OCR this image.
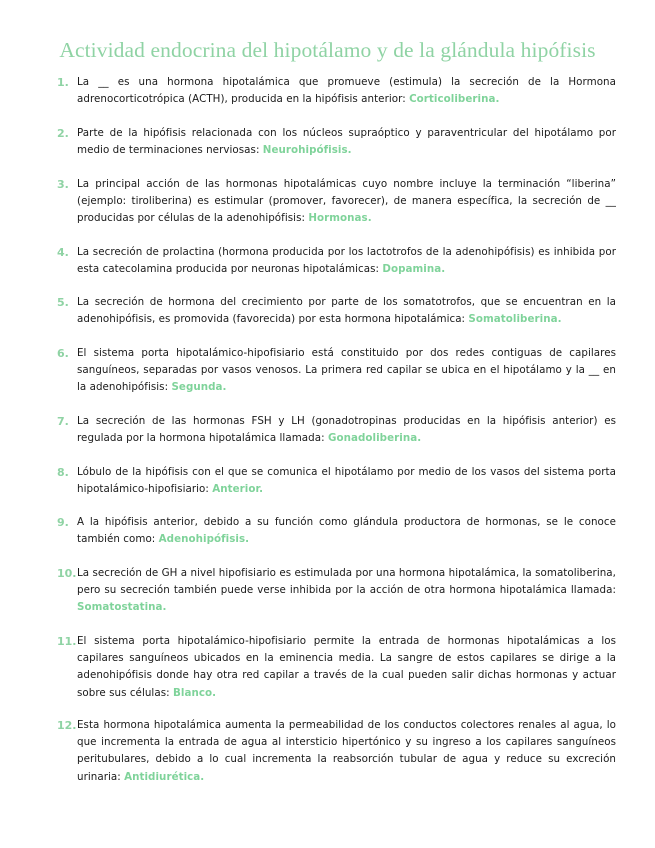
Actividad endocrina del hipotálamo y de la glándula hipófisis
1. La __ es una hormona hipotalámica que promueve (estimula) la secreción de la Hormona adrenocorticotrópica (ACTH), producida en la hipófisis anterior: Corticoliberina.
2. Parte de la hipófisis relacionada con los núcleos supraóptico y paraventricular del hipotálamo por medio de terminaciones nerviosas: Neurohipófisis.
3. La principal acción de las hormonas hipotalámicas cuyo nombre incluye la terminación “liberina” (ejemplo: tiroliberina) es estimular (promover, favorecer), de manera específica, la secreción de __ producidas por células de la adenohipófisis: Hormonas.
4. La secreción de prolactina (hormona producida por los lactotrofos de la adenohipófisis) es inhibida por esta catecolamina producida por neuronas hipotalámicas: Dopamina.
5. La secreción de hormona del crecimiento por parte de los somatotrofos, que se encuentran en la adenohipófisis, es promovida (favorecida) por esta hormona hipotalámica: Somatoliberina.
6. El sistema porta hipotalámico-hipofisiario está constituido por dos redes contiguas de capilares sanguíneos, separadas por vasos venosos. La primera red capilar se ubica en el hipotálamo y la __ en la adenohipófisis: Segunda.
7. La secreción de las hormonas FSH y LH (gonadotropinas producidas en la hipófisis anterior) es regulada por la hormona hipotalámica llamada: Gonadoliberina.
8. Lóbulo de la hipófisis con el que se comunica el hipotálamo por medio de los vasos del sistema porta hipotalámico-hipofisiario: Anterior.
9. A la hipófisis anterior, debido a su función como glándula productora de hormonas, se le conoce también como: Adenohipófisis.
10. La secreción de GH a nivel hipofisiario es estimulada por una hormona hipotalámica, la somatoliberina, pero su secreción también puede verse inhibida por la acción de otra hormona hipotalámica llamada: Somatostatina.
11. El sistema porta hipotalámico-hipofisiario permite la entrada de hormonas hipotalámicas a los capilares sanguíneos ubicados en la eminencia media. La sangre de estos capilares se dirige a la adenohipófisis donde hay otra red capilar a través de la cual pueden salir dichas hormonas y actuar sobre sus células: Blanco.
12. Esta hormona hipotalámica aumenta la permeabilidad de los conductos colectores renales al agua, lo que incrementa la entrada de agua al intersticio hipertónico y su ingreso a los capilares sanguíneos peritubulares, debido a lo cual incrementa la reabsorción tubular de agua y reduce su excreción urinaria: Antidiurética.
